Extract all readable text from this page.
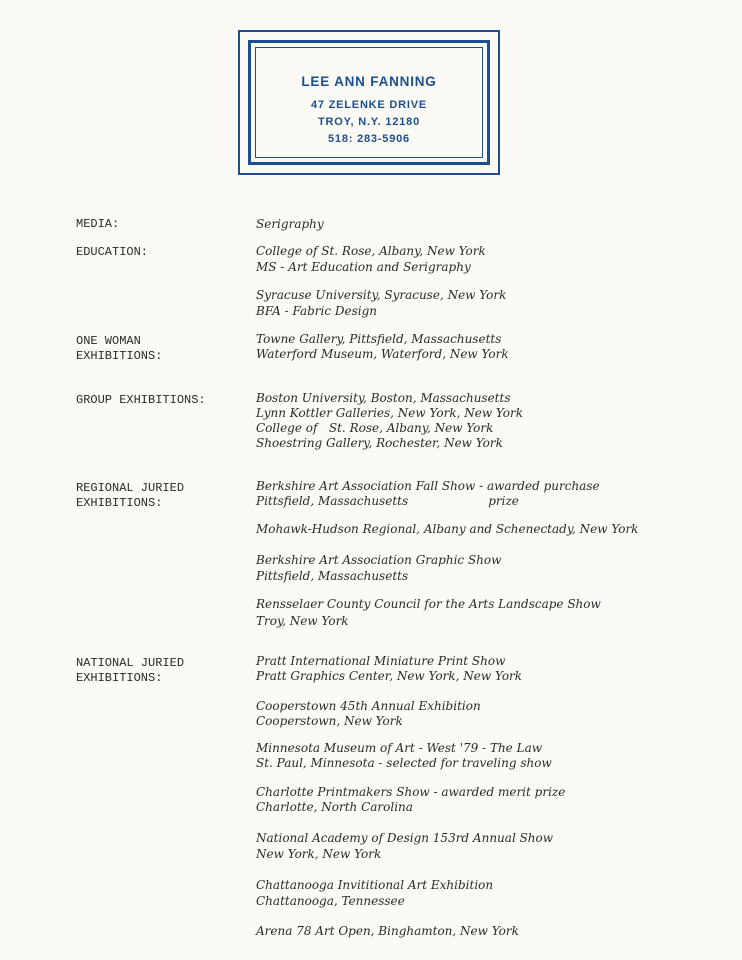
LEE ANN FANNING
47 ZELENKE DRIVE
TROY, N.Y. 12180
518: 283-5906
MEDIA:	Serigraphy
EDUCATION:	College of St. Rose, Albany, New York
MS - Art Education and Serigraphy
Syracuse University, Syracuse, New York
BFA - Fabric Design
ONE WOMAN
EXHIBITIONS:
Towne Gallery, Pittsfield, Massachusetts
Waterford Museum, Waterford, New York
GROUP EXHIBITIONS:	Boston University, Boston, Massachusetts
Lynn Kottler Galleries, New York, New York
College of   St. Rose, Albany, New York
Shoestring Gallery, Rochester, New York
REGIONAL JURIED
EXHIBITIONS:
Berkshire Art Association Fall Show - awarded purchase
Pittsfield, Massachusetts                     prize
Mohawk-Hudson Regional, Albany and Schenectady, New York
Berkshire Art Association Graphic Show
Pittsfield, Massachusetts
Rensselaer County Council for the Arts Landscape Show
Troy, New York
NATIONAL JURIED
EXHIBITIONS:
Pratt International Miniature Print Show
Pratt Graphics Center, New York, New York
Cooperstown 45th Annual Exhibition
Cooperstown, New York
Minnesota Museum of Art - West '79 - The Law
St. Paul, Minnesota - selected for traveling show
Charlotte Printmakers Show - awarded merit prize
Charlotte, North Carolina
National Academy of Design 153rd Annual Show
New York, New York
Chattanooga Invititional Art Exhibition
Chattanooga, Tennessee
Arena 78 Art Open, Binghamton, New York
